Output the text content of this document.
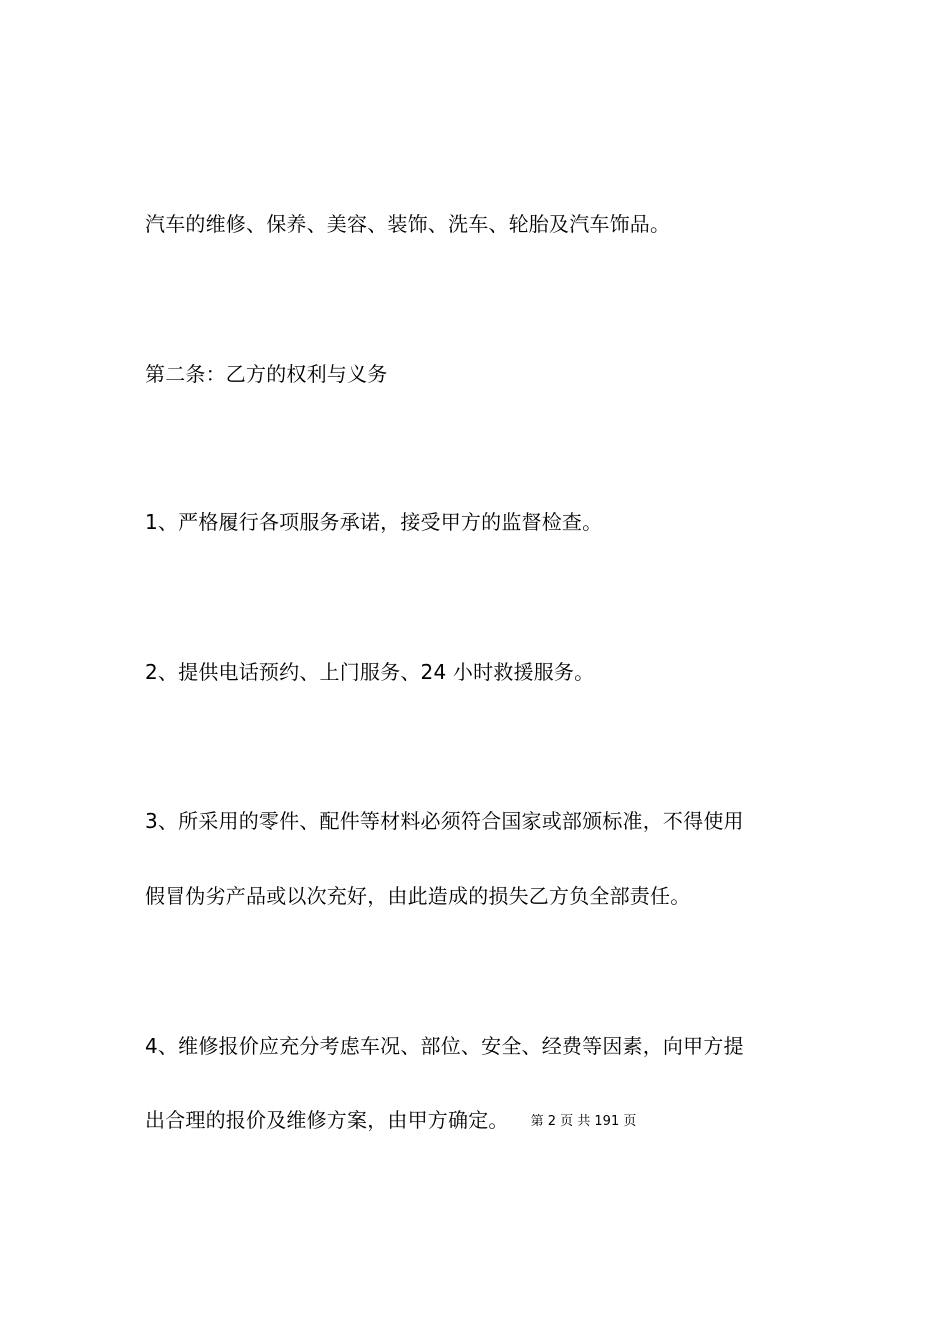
汽车的维修、保养、美容、装饰、洗车、轮胎及汽车饰品。
第二条：乙方的权利与义务
1、严格履行各项服务承诺，接受甲方的监督检查。
2、提供电话预约、上门服务、24 小时救援服务。
3、所采用的零件、配件等材料必须符合国家或部颁标准，不得使用
假冒伪劣产品或以次充好，由此造成的损失乙方负全部责任。
4、维修报价应充分考虑车况、部位、安全、经费等因素，向甲方提
出合理的报价及维修方案，由甲方确定。 第 2 页 共 191 页
